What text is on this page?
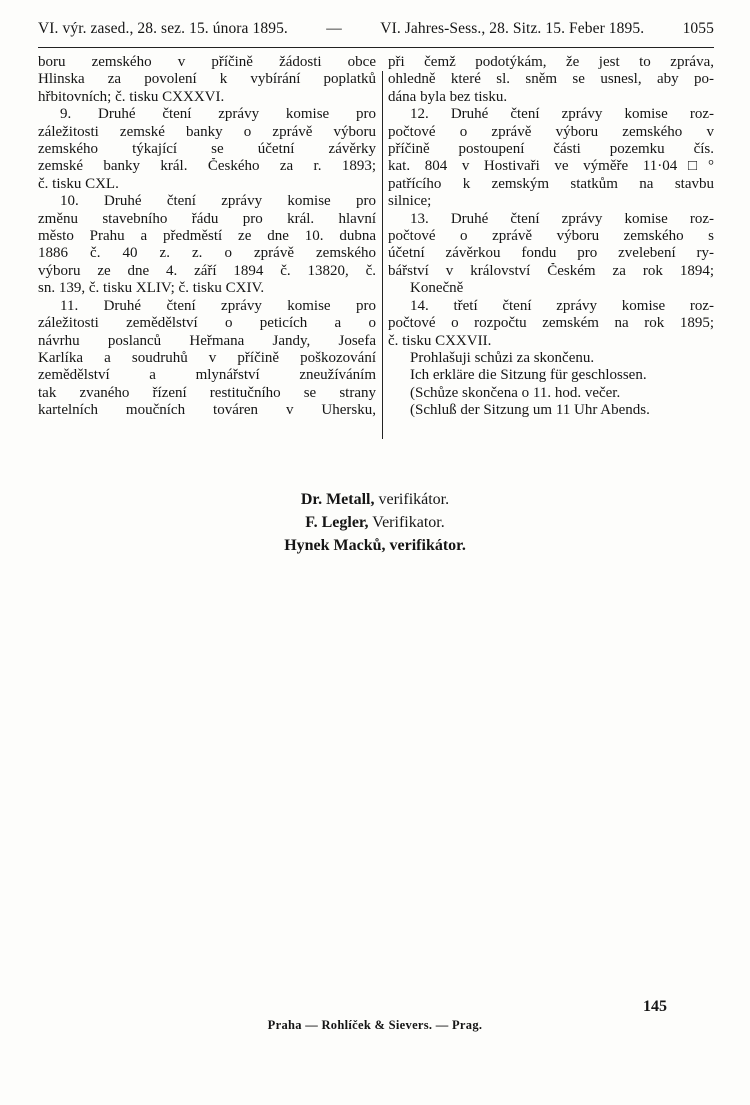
VI. výr. zased., 28. sez. 15. února 1895. — VI. Jahres-Sess., 28. Sitz. 15. Feber 1895. 1055
boru zemského v příčině žádosti obce
Hlinska za povolení k vybírání poplatků
hřbitovních; č. tisku CXXXVI.
9. Druhé čtení zprávy komise pro
záležitosti zemské banky o zprávě výboru
zemského týkající se účetní závěrky
zemské banky král. Českého za r. 1893;
č. tisku CXL.
10. Druhé čtení zprávy komise pro
změnu stavebního řádu pro král. hlavní
město Prahu a předměstí ze dne 10. dubna
1886 č. 40 z. z. o zprávě zemského
výboru ze dne 4. září 1894 č. 13820, č.
sn. 139, č. tisku XLIV; č. tisku CXIV.
11. Druhé čtení zprávy komise pro
záležitosti zemědělství o peticích a o
návrhu poslanců Heřmana Jandy, Josefa
Karlíka a soudruhů v příčině poškozování
zemědělství a mlynářství zneužíváním
tak zvaného řízení restitučního se strany
kartelních moučních továren v Uhersku,
při čemž podotýkám, že jest to zpráva,
ohledně které sl. sněm se usnesl, aby po-
dána byla bez tisku.
12. Druhé čtení zprávy komise roz-
počtové o zprávě výboru zemského v
příčině postoupení části pozemku čís.
kat. 804 v Hostivaři ve výměře 11·04□°
patřícího k zemským statkům na stavbu
silnice;
13. Druhé čtení zprávy komise roz-
počtové o zprávě výboru zemského s
účetní závěrkou fondu pro zvelebení ry-
bářství v království Českém za rok 1894;
Konečně
14. třetí čtení zprávy komise roz-
počtové o rozpočtu zemském na rok 1895;
č. tisku CXXVII.
Prohlašuji schůzi za skončenu.
Ich erkläre die Sitzung für geschlossen.
(Schůze skončena o 11. hod. večer.
(Schluß der Sitzung um 11 Uhr Abends.
Dr. Metall, verifikátor.
F. Legler, Verifikator.
Hynek Macků, verifikátor.
145
Praha — Rohlíček & Sievers. — Prag.
